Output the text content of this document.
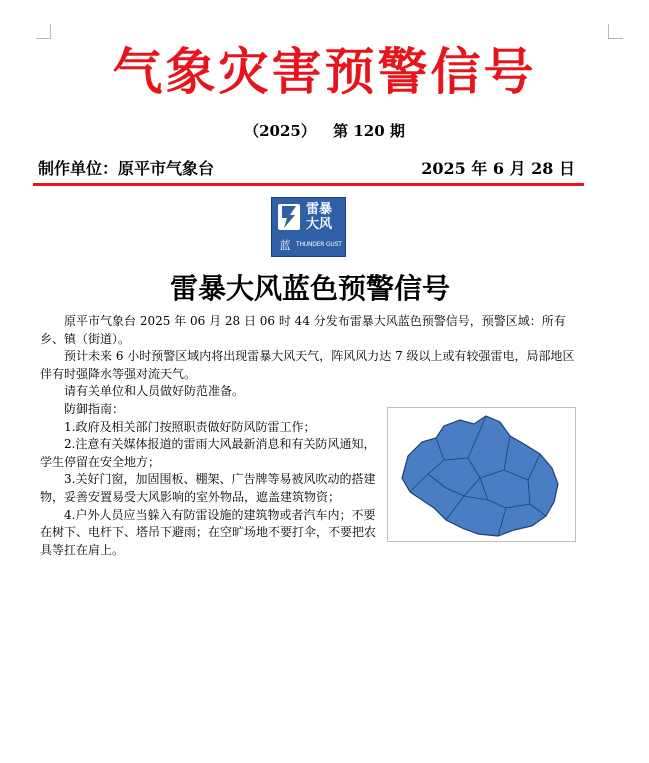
气象灾害预警信号
（2025） 第 120 期
制作单位：原平市气象台	2025 年 6 月 28 日
雷暴
大风
蓝 THUNDER GUST
雷暴大风蓝色预警信号

原平市气象台 2025 年 06 月 28 日 06 时 44 分发布雷暴大风蓝色预警信号，预警区域：所有乡、镇（街道）。

预计未来 6 小时预警区域内将出现雷暴大风天气，阵风风力达 7 级以上或有较强雷电，局部地区伴有时强降水等强对流天气。

请有关单位和人员做好防范准备。

防御指南：

1.政府及相关部门按照职责做好防风防雷工作；

2.注意有关媒体报道的雷雨大风最新消息和有关防风通知，学生停留在安全地方；

3.关好门窗，加固围板、棚架、广告牌等易被风吹动的搭建物，妥善安置易受大风影响的室外物品，遮盖建筑物资；

4.户外人员应当躲入有防雷设施的建筑物或者汽车内；不要在树下、电杆下、塔吊下避雨；在空旷场地不要打伞，不要把农具等扛在肩上。
